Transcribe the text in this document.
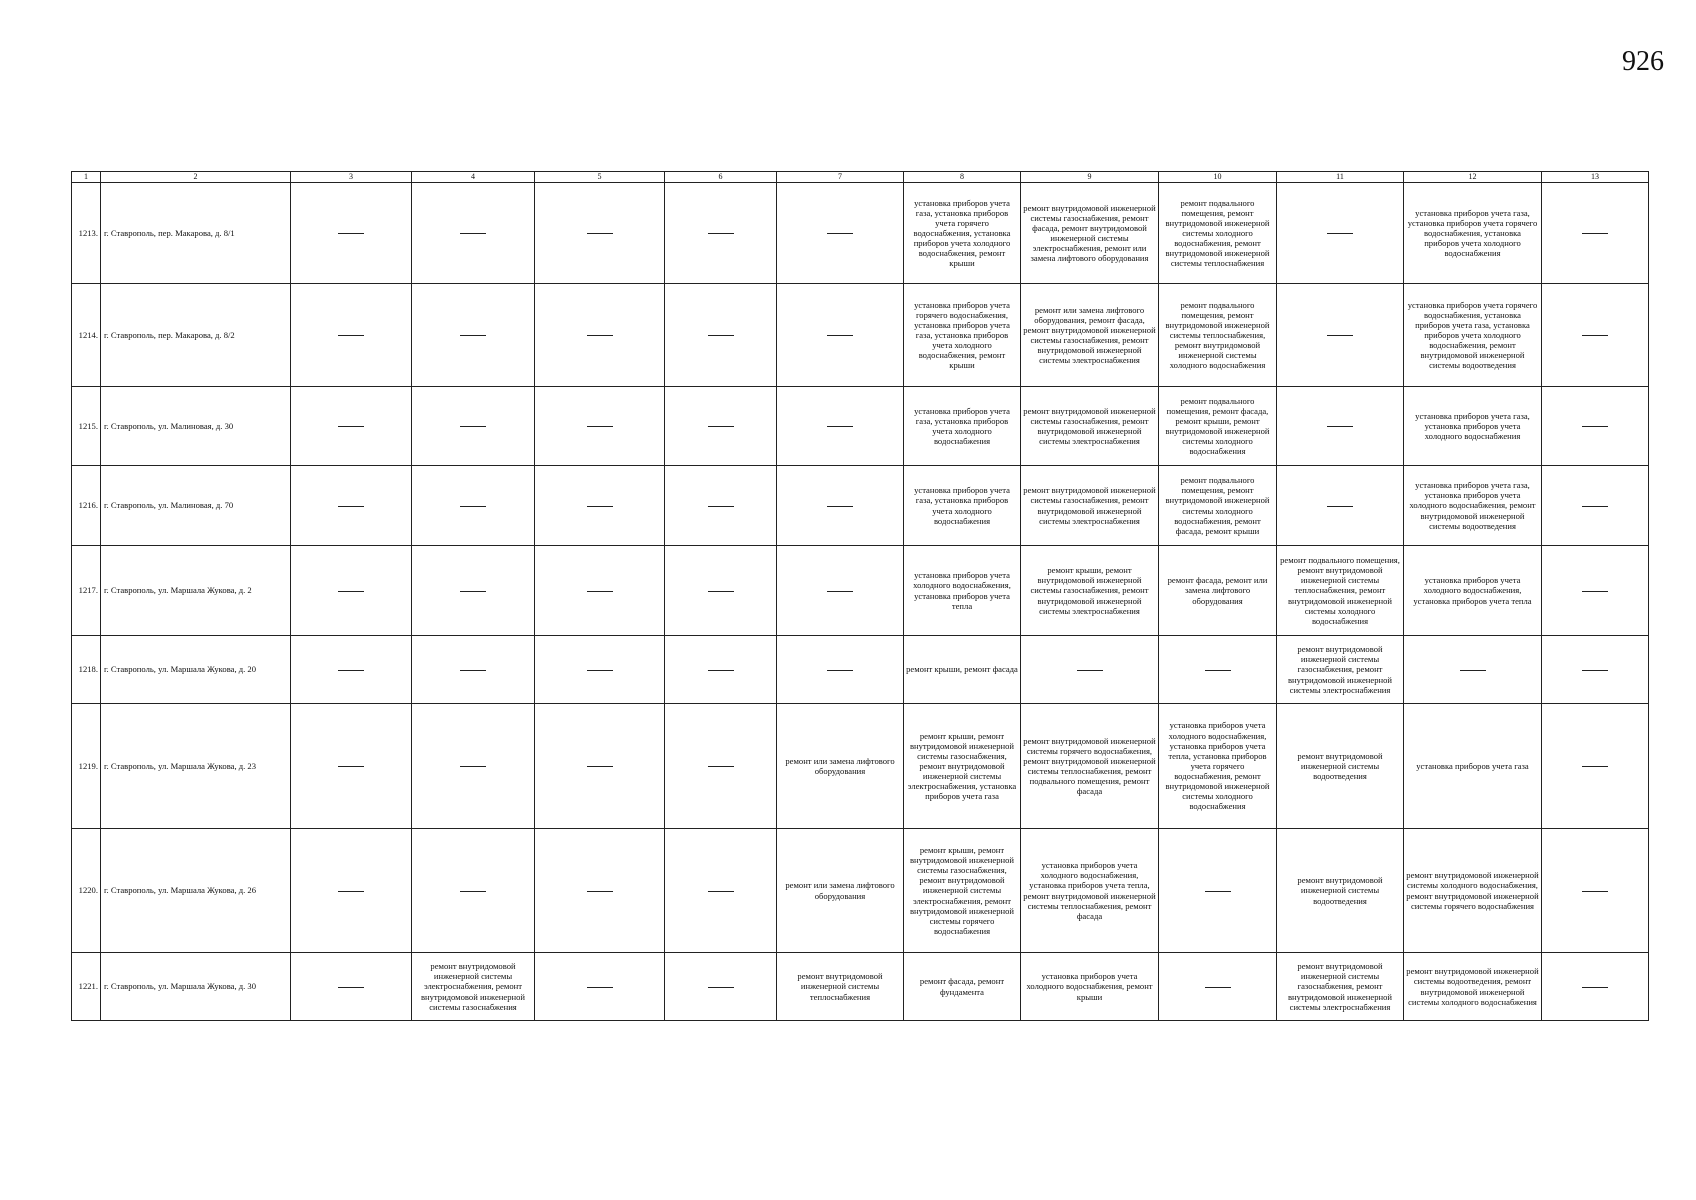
926
1	2	3	4	5	6	7	8	9	10	11	12	13
1213.	г. Ставрополь, пер. Макарова, д. 8/1						установка приборов учета газа, установка приборов учета горячего водоснабжения, установка приборов учета холодного водоснабжения, ремонт крыши	ремонт внутридомовой инженерной системы газоснабжения, ремонт фасада, ремонт внутридомовой инженерной системы электроснабжения, ремонт или замена лифтового оборудования	ремонт подвального помещения, ремонт внутридомовой инженерной системы холодного водоснабжения, ремонт внутридомовой инженерной системы теплоснабжения		установка приборов учета газа, установка приборов учета горячего водоснабжения, установка приборов учета холодного водоснабжения	
1214.	г. Ставрополь, пер. Макарова, д. 8/2						установка приборов учета горячего водоснабжения, установка приборов учета газа, установка приборов учета холодного водоснабжения, ремонт крыши	ремонт или замена лифтового оборудования, ремонт фасада, ремонт внутридомовой инженерной системы газоснабжения, ремонт внутридомовой инженерной системы электроснабжения	ремонт подвального помещения, ремонт внутридомовой инженерной системы теплоснабжения, ремонт внутридомовой инженерной системы холодного водоснабжения		установка приборов учета горячего водоснабжения, установка приборов учета газа, установка приборов учета холодного водоснабжения, ремонт внутридомовой инженерной системы водоотведения	
1215.	г. Ставрополь, ул. Малиновая, д. 30						установка приборов учета газа, установка приборов учета холодного водоснабжения	ремонт внутридомовой инженерной системы газоснабжения, ремонт внутридомовой инженерной системы электроснабжения	ремонт подвального помещения, ремонт фасада, ремонт крыши, ремонт внутридомовой инженерной системы холодного водоснабжения		установка приборов учета газа, установка приборов учета холодного водоснабжения	
1216.	г. Ставрополь, ул. Малиновая, д. 70						установка приборов учета газа, установка приборов учета холодного водоснабжения	ремонт внутридомовой инженерной системы газоснабжения, ремонт внутридомовой инженерной системы электроснабжения	ремонт подвального помещения, ремонт внутридомовой инженерной системы холодного водоснабжения, ремонт фасада, ремонт крыши		установка приборов учета газа, установка приборов учета холодного водоснабжения, ремонт внутридомовой инженерной системы водоотведения	
1217.	г. Ставрополь, ул. Маршала Жукова, д. 2						установка приборов учета холодного водоснабжения, установка приборов учета тепла	ремонт крыши, ремонт внутридомовой инженерной системы газоснабжения, ремонт внутридомовой инженерной системы электроснабжения	ремонт фасада, ремонт или замена лифтового оборудования	ремонт подвального помещения, ремонт внутридомовой инженерной системы теплоснабжения, ремонт внутридомовой инженерной системы холодного водоснабжения	установка приборов учета холодного водоснабжения, установка приборов учета тепла	
1218.	г. Ставрополь, ул. Маршала Жукова, д. 20						ремонт крыши, ремонт фасада			ремонт внутридомовой инженерной системы газоснабжения, ремонт внутридомовой инженерной системы электроснабжения		
1219.	г. Ставрополь, ул. Маршала Жукова, д. 23					ремонт или замена лифтового оборудования	ремонт крыши, ремонт внутридомовой инженерной системы газоснабжения, ремонт внутридомовой инженерной системы электроснабжения, установка приборов учета газа	ремонт внутридомовой инженерной системы горячего водоснабжения, ремонт внутридомовой инженерной системы теплоснабжения, ремонт подвального помещения, ремонт фасада	установка приборов учета холодного водоснабжения, установка приборов учета тепла, установка приборов учета горячего водоснабжения, ремонт внутридомовой инженерной системы холодного водоснабжения	ремонт внутридомовой инженерной системы водоотведения	установка приборов учета газа	
1220.	г. Ставрополь, ул. Маршала Жукова, д. 26					ремонт или замена лифтового оборудования	ремонт крыши, ремонт внутридомовой инженерной системы газоснабжения, ремонт внутридомовой инженерной системы электроснабжения, ремонт внутридомовой инженерной системы горячего водоснабжения	установка приборов учета холодного водоснабжения, установка приборов учета тепла, ремонт внутридомовой инженерной системы теплоснабжения, ремонт фасада		ремонт внутридомовой инженерной системы водоотведения	ремонт внутридомовой инженерной системы холодного водоснабжения, ремонт внутридомовой инженерной системы горячего водоснабжения	
1221.	г. Ставрополь, ул. Маршала Жукова, д. 30		ремонт внутридомовой инженерной системы электроснабжения, ремонт внутридомовой инженерной системы газоснабжения			ремонт внутридомовой инженерной системы теплоснабжения	ремонт фасада, ремонт фундамента	установка приборов учета холодного водоснабжения, ремонт крыши		ремонт внутридомовой инженерной системы газоснабжения, ремонт внутридомовой инженерной системы электроснабжения	ремонт внутридомовой инженерной системы водоотведения, ремонт внутридомовой инженерной системы холодного водоснабжения	
